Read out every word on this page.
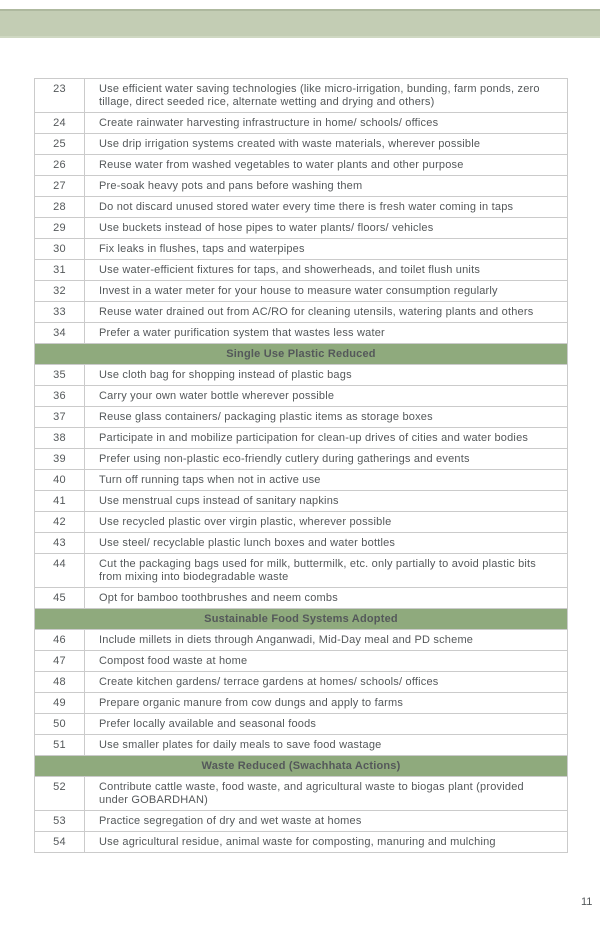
23	Use efficient water saving technologies (like micro-irrigation, bunding, farm ponds, zero tillage, direct seeded rice, alternate wetting and drying and others)
24	Create rainwater harvesting infrastructure in home/ schools/ offices
25	Use drip irrigation systems created with waste materials, wherever possible
26	Reuse water from washed vegetables to water plants and other purpose
27	Pre-soak heavy pots and pans before washing them
28	Do not discard unused stored water every time there is fresh water coming in taps
29	Use buckets instead of hose pipes to water plants/ floors/ vehicles
30	Fix leaks in flushes, taps and waterpipes
31	Use water-efficient fixtures for taps, and showerheads, and toilet flush units
32	Invest in a water meter for your house to measure water consumption regularly
33	Reuse water drained out from AC/RO for cleaning utensils, watering plants and others
34	Prefer a water purification system that wastes less water
Single Use Plastic Reduced	
35	Use cloth bag for shopping instead of plastic bags
36	Carry your own water bottle wherever possible
37	Reuse glass containers/ packaging plastic items as storage boxes
38	Participate in and mobilize participation for clean-up drives of cities and water bodies
39	Prefer using non-plastic eco-friendly cutlery during gatherings and events
40	Turn off running taps when not in active use
41	Use menstrual cups instead of sanitary napkins
42	Use recycled plastic over virgin plastic, wherever possible
43	Use steel/ recyclable plastic lunch boxes and water bottles
44	Cut the packaging bags used for milk, buttermilk, etc. only partially to avoid plastic bits from mixing into biodegradable waste
45	Opt for bamboo toothbrushes and neem combs
Sustainable Food Systems Adopted	
46	Include millets in diets through Anganwadi, Mid-Day meal and PD scheme
47	Compost food waste at home
48	Create kitchen gardens/ terrace gardens at homes/ schools/ offices
49	Prepare organic manure from cow dungs and apply to farms
50	Prefer locally available and seasonal foods
51	Use smaller plates for daily meals to save food wastage
Waste Reduced (Swachhata Actions)	
52	Contribute cattle waste, food waste, and agricultural waste to biogas plant (provided under GOBARDHAN)
53	Practice segregation of dry and wet waste at homes
54	Use agricultural residue, animal waste for composting, manuring and mulching
11
